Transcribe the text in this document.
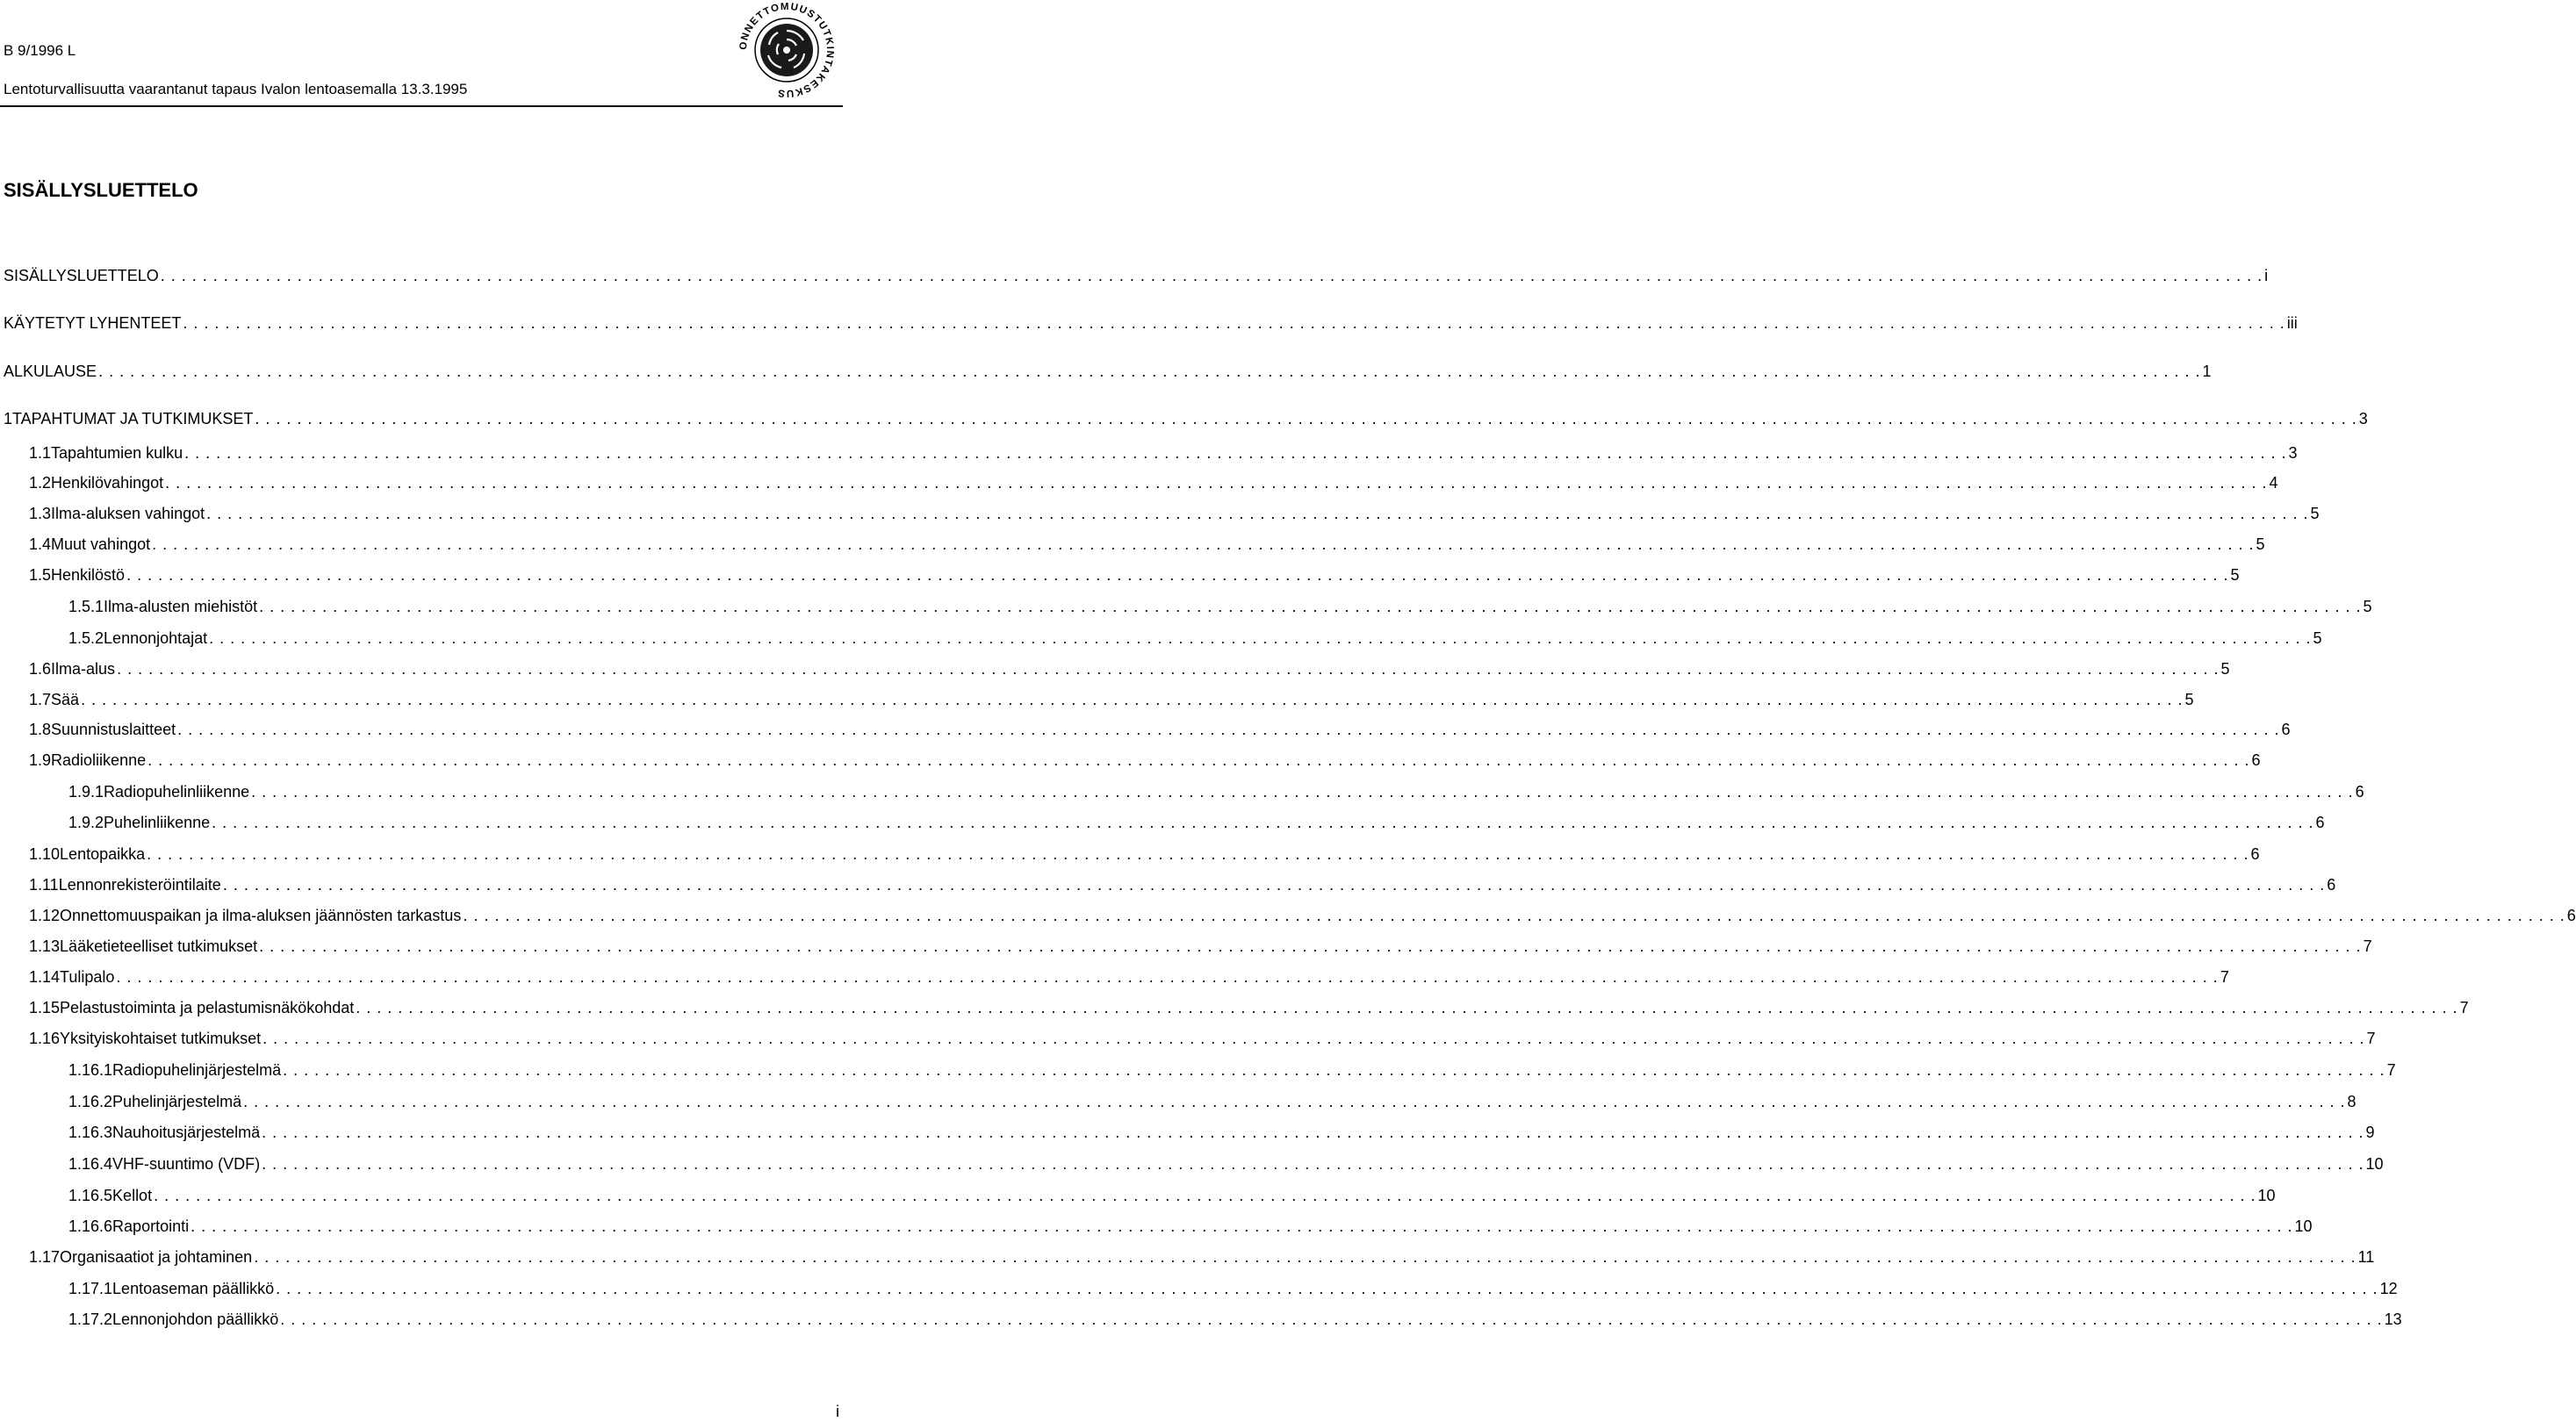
B 9/1996 L
Lentoturvallisuutta vaarantanut tapaus Ivalon lentoasemalla 13.3.1995
ONNETTOMUUSTUTKINTAKESKUS
SISÄLLYSLUETTELO
SISÄLLYSLUETTELO . . . . . . . . . . . . . . . . . . . . . . . . . . . . . . . . . . . . . . . . . . . . . . . . . . . . . . . . . . . . . . . . . . . . . . . . . . . . . . . . . . . . . . . . . . . . . . . . . . . . . . . . . . . . . . . . . . . . . . . . . . . . . . . . . . . . . . . . . . . . . . . . . . . . . . . . . . . . . . . . . . . . . . . . . . . . . . . . . . . . . . . . . . . . . . . . . . . . . . . . i
KÄYTETYT LYHENTEET . . . . . . . . . . . . . . . . . . . . . . . . . . . . . . . . . . . . . . . . . . . . . . . . . . . . . . . . . . . . . . . . . . . . . . . . . . . . . . . . . . . . . . . . . . . . . . . . . . . . . . . . . . . . . . . . . . . . . . . . . . . . . . . . . . . . . . . . . . . . . . . . . . . . . . . . . . . . . . . . . . . . . . . . . . . . . . . . . . . . . . . . . . . . . . . . . . . . . . . . iii
ALKULAUSE . . . . . . . . . . . . . . . . . . . . . . . . . . . . . . . . . . . . . . . . . . . . . . . . . . . . . . . . . . . . . . . . . . . . . . . . . . . . . . . . . . . . . . . . . . . . . . . . . . . . . . . . . . . . . . . . . . . . . . . . . . . . . . . . . . . . . . . . . . . . . . . . . . . . . . . . . . . . . . . . . . . . . . . . . . . . . . . . . . . . . . . . . . . . . . . . . . . . . . . . 1
1 TAPAHTUMAT JA TUTKIMUKSET . . . . . . . . . . . . . . . . . . . . . . . . . . . . . . . . . . . . . . . . . . . . . . . . . . . . . . . . . . . . . . . . . . . . . . . . . . . . . . . . . . . . . . . . . . . . . . . . . . . . . . . . . . . . . . . . . . . . . . . . . . . . . . . . . . . . . . . . . . . . . . . . . . . . . . . . . . . . . . . . . . . . . . . . . . . . . . . . . . . . . . . . . . . . . . . . . . . . . . . . 3
1.1 Tapahtumien kulku . . . . . . . . . . . . . . . . . . . . . . . . . . . . . . . . . . . . . . . . . . . . . . . . . . . . . . . . . . . . . . . . . . . . . . . . . . . . . . . . . . . . . . . . . . . . . . . . . . . . . . . . . . . . . . . . . . . . . . . . . . . . . . . . . . . . . . . . . . . . . . . . . . . . . . . . . . . . . . . . . . . . . . . . . . . . . . . . . . . . . . . . . . . . . . . . . . . . . . . . 3
1.2 Henkilövahingot . . . . . . . . . . . . . . . . . . . . . . . . . . . . . . . . . . . . . . . . . . . . . . . . . . . . . . . . . . . . . . . . . . . . . . . . . . . . . . . . . . . . . . . . . . . . . . . . . . . . . . . . . . . . . . . . . . . . . . . . . . . . . . . . . . . . . . . . . . . . . . . . . . . . . . . . . . . . . . . . . . . . . . . . . . . . . . . . . . . . . . . . . . . . . . . . . . . . . . . . 4
1.3 Ilma-aluksen vahingot . . . . . . . . . . . . . . . . . . . . . . . . . . . . . . . . . . . . . . . . . . . . . . . . . . . . . . . . . . . . . . . . . . . . . . . . . . . . . . . . . . . . . . . . . . . . . . . . . . . . . . . . . . . . . . . . . . . . . . . . . . . . . . . . . . . . . . . . . . . . . . . . . . . . . . . . . . . . . . . . . . . . . . . . . . . . . . . . . . . . . . . . . . . . . . . . . . . . . . . . 5
1.4 Muut vahingot . . . . . . . . . . . . . . . . . . . . . . . . . . . . . . . . . . . . . . . . . . . . . . . . . . . . . . . . . . . . . . . . . . . . . . . . . . . . . . . . . . . . . . . . . . . . . . . . . . . . . . . . . . . . . . . . . . . . . . . . . . . . . . . . . . . . . . . . . . . . . . . . . . . . . . . . . . . . . . . . . . . . . . . . . . . . . . . . . . . . . . . . . . . . . . . . . . . . . . . . 5
1.5 Henkilöstö . . . . . . . . . . . . . . . . . . . . . . . . . . . . . . . . . . . . . . . . . . . . . . . . . . . . . . . . . . . . . . . . . . . . . . . . . . . . . . . . . . . . . . . . . . . . . . . . . . . . . . . . . . . . . . . . . . . . . . . . . . . . . . . . . . . . . . . . . . . . . . . . . . . . . . . . . . . . . . . . . . . . . . . . . . . . . . . . . . . . . . . . . . . . . . . . . . . . . . . . 5
1.5.1 Ilma-alusten miehistöt . . . . . . . . . . . . . . . . . . . . . . . . . . . . . . . . . . . . . . . . . . . . . . . . . . . . . . . . . . . . . . . . . . . . . . . . . . . . . . . . . . . . . . . . . . . . . . . . . . . . . . . . . . . . . . . . . . . . . . . . . . . . . . . . . . . . . . . . . . . . . . . . . . . . . . . . . . . . . . . . . . . . . . . . . . . . . . . . . . . . . . . . . . . . . . . . . . . . . . . . 5
1.5.2 Lennonjohtajat . . . . . . . . . . . . . . . . . . . . . . . . . . . . . . . . . . . . . . . . . . . . . . . . . . . . . . . . . . . . . . . . . . . . . . . . . . . . . . . . . . . . . . . . . . . . . . . . . . . . . . . . . . . . . . . . . . . . . . . . . . . . . . . . . . . . . . . . . . . . . . . . . . . . . . . . . . . . . . . . . . . . . . . . . . . . . . . . . . . . . . . . . . . . . . . . . . . . . . . . 5
1.6 Ilma-alus . . . . . . . . . . . . . . . . . . . . . . . . . . . . . . . . . . . . . . . . . . . . . . . . . . . . . . . . . . . . . . . . . . . . . . . . . . . . . . . . . . . . . . . . . . . . . . . . . . . . . . . . . . . . . . . . . . . . . . . . . . . . . . . . . . . . . . . . . . . . . . . . . . . . . . . . . . . . . . . . . . . . . . . . . . . . . . . . . . . . . . . . . . . . . . . . . . . . . . . . 5
1.7 Sää . . . . . . . . . . . . . . . . . . . . . . . . . . . . . . . . . . . . . . . . . . . . . . . . . . . . . . . . . . . . . . . . . . . . . . . . . . . . . . . . . . . . . . . . . . . . . . . . . . . . . . . . . . . . . . . . . . . . . . . . . . . . . . . . . . . . . . . . . . . . . . . . . . . . . . . . . . . . . . . . . . . . . . . . . . . . . . . . . . . . . . . . . . . . . . . . . . . . . . . . 5
1.8 Suunnistuslaitteet . . . . . . . . . . . . . . . . . . . . . . . . . . . . . . . . . . . . . . . . . . . . . . . . . . . . . . . . . . . . . . . . . . . . . . . . . . . . . . . . . . . . . . . . . . . . . . . . . . . . . . . . . . . . . . . . . . . . . . . . . . . . . . . . . . . . . . . . . . . . . . . . . . . . . . . . . . . . . . . . . . . . . . . . . . . . . . . . . . . . . . . . . . . . . . . . . . . . . . . . 6
1.9 Radioliikenne . . . . . . . . . . . . . . . . . . . . . . . . . . . . . . . . . . . . . . . . . . . . . . . . . . . . . . . . . . . . . . . . . . . . . . . . . . . . . . . . . . . . . . . . . . . . . . . . . . . . . . . . . . . . . . . . . . . . . . . . . . . . . . . . . . . . . . . . . . . . . . . . . . . . . . . . . . . . . . . . . . . . . . . . . . . . . . . . . . . . . . . . . . . . . . . . . . . . . . . . 6
1.9.1 Radiopuhelinliikenne . . . . . . . . . . . . . . . . . . . . . . . . . . . . . . . . . . . . . . . . . . . . . . . . . . . . . . . . . . . . . . . . . . . . . . . . . . . . . . . . . . . . . . . . . . . . . . . . . . . . . . . . . . . . . . . . . . . . . . . . . . . . . . . . . . . . . . . . . . . . . . . . . . . . . . . . . . . . . . . . . . . . . . . . . . . . . . . . . . . . . . . . . . . . . . . . . . . . . . . . 6
1.9.2 Puhelinliikenne . . . . . . . . . . . . . . . . . . . . . . . . . . . . . . . . . . . . . . . . . . . . . . . . . . . . . . . . . . . . . . . . . . . . . . . . . . . . . . . . . . . . . . . . . . . . . . . . . . . . . . . . . . . . . . . . . . . . . . . . . . . . . . . . . . . . . . . . . . . . . . . . . . . . . . . . . . . . . . . . . . . . . . . . . . . . . . . . . . . . . . . . . . . . . . . . . . . . . . . . 6
1.10 Lentopaikka . . . . . . . . . . . . . . . . . . . . . . . . . . . . . . . . . . . . . . . . . . . . . . . . . . . . . . . . . . . . . . . . . . . . . . . . . . . . . . . . . . . . . . . . . . . . . . . . . . . . . . . . . . . . . . . . . . . . . . . . . . . . . . . . . . . . . . . . . . . . . . . . . . . . . . . . . . . . . . . . . . . . . . . . . . . . . . . . . . . . . . . . . . . . . . . . . . . . . . . . 6
1.11 Lennonrekisteröintilaite . . . . . . . . . . . . . . . . . . . . . . . . . . . . . . . . . . . . . . . . . . . . . . . . . . . . . . . . . . . . . . . . . . . . . . . . . . . . . . . . . . . . . . . . . . . . . . . . . . . . . . . . . . . . . . . . . . . . . . . . . . . . . . . . . . . . . . . . . . . . . . . . . . . . . . . . . . . . . . . . . . . . . . . . . . . . . . . . . . . . . . . . . . . . . . . . . . . . . . . . 6
1.12 Onnettomuuspaikan ja ilma-aluksen jäännösten tarkastus . . . . . . . . . . . . . . . . . . . . . . . . . . . . . . . . . . . . . . . . . . . . . . . . . . . . . . . . . . . . . . . . . . . . . . . . . . . . . . . . . . . . . . . . . . . . . . . . . . . . . . . . . . . . . . . . . . . . . . . . . . . . . . . . . . . . . . . . . . . . . . . . . . . . . . . . . . . . . . . . . . . . . . . . . . . . . . . . . . . . . . . . . . . . . . . . . . . . . . . . 6
1.13 Lääketieteelliset tutkimukset . . . . . . . . . . . . . . . . . . . . . . . . . . . . . . . . . . . . . . . . . . . . . . . . . . . . . . . . . . . . . . . . . . . . . . . . . . . . . . . . . . . . . . . . . . . . . . . . . . . . . . . . . . . . . . . . . . . . . . . . . . . . . . . . . . . . . . . . . . . . . . . . . . . . . . . . . . . . . . . . . . . . . . . . . . . . . . . . . . . . . . . . . . . . . . . . . . . . . . . . 7
1.14 Tulipalo . . . . . . . . . . . . . . . . . . . . . . . . . . . . . . . . . . . . . . . . . . . . . . . . . . . . . . . . . . . . . . . . . . . . . . . . . . . . . . . . . . . . . . . . . . . . . . . . . . . . . . . . . . . . . . . . . . . . . . . . . . . . . . . . . . . . . . . . . . . . . . . . . . . . . . . . . . . . . . . . . . . . . . . . . . . . . . . . . . . . . . . . . . . . . . . . . . . . . . . . 7
1.15 Pelastustoiminta ja pelastumisnäkökohdat . . . . . . . . . . . . . . . . . . . . . . . . . . . . . . . . . . . . . . . . . . . . . . . . . . . . . . . . . . . . . . . . . . . . . . . . . . . . . . . . . . . . . . . . . . . . . . . . . . . . . . . . . . . . . . . . . . . . . . . . . . . . . . . . . . . . . . . . . . . . . . . . . . . . . . . . . . . . . . . . . . . . . . . . . . . . . . . . . . . . . . . . . . . . . . . . . . . . . . . . 7
1.16 Yksityiskohtaiset tutkimukset . . . . . . . . . . . . . . . . . . . . . . . . . . . . . . . . . . . . . . . . . . . . . . . . . . . . . . . . . . . . . . . . . . . . . . . . . . . . . . . . . . . . . . . . . . . . . . . . . . . . . . . . . . . . . . . . . . . . . . . . . . . . . . . . . . . . . . . . . . . . . . . . . . . . . . . . . . . . . . . . . . . . . . . . . . . . . . . . . . . . . . . . . . . . . . . . . . . . . . . . 7
1.16.1 Radiopuhelinjärjestelmä . . . . . . . . . . . . . . . . . . . . . . . . . . . . . . . . . . . . . . . . . . . . . . . . . . . . . . . . . . . . . . . . . . . . . . . . . . . . . . . . . . . . . . . . . . . . . . . . . . . . . . . . . . . . . . . . . . . . . . . . . . . . . . . . . . . . . . . . . . . . . . . . . . . . . . . . . . . . . . . . . . . . . . . . . . . . . . . . . . . . . . . . . . . . . . . . . . . . . . . . 7
1.16.2 Puhelinjärjestelmä . . . . . . . . . . . . . . . . . . . . . . . . . . . . . . . . . . . . . . . . . . . . . . . . . . . . . . . . . . . . . . . . . . . . . . . . . . . . . . . . . . . . . . . . . . . . . . . . . . . . . . . . . . . . . . . . . . . . . . . . . . . . . . . . . . . . . . . . . . . . . . . . . . . . . . . . . . . . . . . . . . . . . . . . . . . . . . . . . . . . . . . . . . . . . . . . . . . . . . . . 8
1.16.3 Nauhoitusjärjestelmä . . . . . . . . . . . . . . . . . . . . . . . . . . . . . . . . . . . . . . . . . . . . . . . . . . . . . . . . . . . . . . . . . . . . . . . . . . . . . . . . . . . . . . . . . . . . . . . . . . . . . . . . . . . . . . . . . . . . . . . . . . . . . . . . . . . . . . . . . . . . . . . . . . . . . . . . . . . . . . . . . . . . . . . . . . . . . . . . . . . . . . . . . . . . . . . . . . . . . . . . 9
1.16.4 VHF-suuntimo (VDF) . . . . . . . . . . . . . . . . . . . . . . . . . . . . . . . . . . . . . . . . . . . . . . . . . . . . . . . . . . . . . . . . . . . . . . . . . . . . . . . . . . . . . . . . . . . . . . . . . . . . . . . . . . . . . . . . . . . . . . . . . . . . . . . . . . . . . . . . . . . . . . . . . . . . . . . . . . . . . . . . . . . . . . . . . . . . . . . . . . . . . . . . . . . . . . . . . . . . . . . . 10
1.16.5 Kellot . . . . . . . . . . . . . . . . . . . . . . . . . . . . . . . . . . . . . . . . . . . . . . . . . . . . . . . . . . . . . . . . . . . . . . . . . . . . . . . . . . . . . . . . . . . . . . . . . . . . . . . . . . . . . . . . . . . . . . . . . . . . . . . . . . . . . . . . . . . . . . . . . . . . . . . . . . . . . . . . . . . . . . . . . . . . . . . . . . . . . . . . . . . . . . . . . . . . . . . . 10
1.16.6 Raportointi . . . . . . . . . . . . . . . . . . . . . . . . . . . . . . . . . . . . . . . . . . . . . . . . . . . . . . . . . . . . . . . . . . . . . . . . . . . . . . . . . . . . . . . . . . . . . . . . . . . . . . . . . . . . . . . . . . . . . . . . . . . . . . . . . . . . . . . . . . . . . . . . . . . . . . . . . . . . . . . . . . . . . . . . . . . . . . . . . . . . . . . . . . . . . . . . . . . . . . . . 10
1.17 Organisaatiot ja johtaminen . . . . . . . . . . . . . . . . . . . . . . . . . . . . . . . . . . . . . . . . . . . . . . . . . . . . . . . . . . . . . . . . . . . . . . . . . . . . . . . . . . . . . . . . . . . . . . . . . . . . . . . . . . . . . . . . . . . . . . . . . . . . . . . . . . . . . . . . . . . . . . . . . . . . . . . . . . . . . . . . . . . . . . . . . . . . . . . . . . . . . . . . . . . . . . . . . . . . . . . . 11
1.17.1 Lentoaseman päällikkö . . . . . . . . . . . . . . . . . . . . . . . . . . . . . . . . . . . . . . . . . . . . . . . . . . . . . . . . . . . . . . . . . . . . . . . . . . . . . . . . . . . . . . . . . . . . . . . . . . . . . . . . . . . . . . . . . . . . . . . . . . . . . . . . . . . . . . . . . . . . . . . . . . . . . . . . . . . . . . . . . . . . . . . . . . . . . . . . . . . . . . . . . . . . . . . . . . . . . . . . 12
1.17.2 Lennonjohdon päällikkö . . . . . . . . . . . . . . . . . . . . . . . . . . . . . . . . . . . . . . . . . . . . . . . . . . . . . . . . . . . . . . . . . . . . . . . . . . . . . . . . . . . . . . . . . . . . . . . . . . . . . . . . . . . . . . . . . . . . . . . . . . . . . . . . . . . . . . . . . . . . . . . . . . . . . . . . . . . . . . . . . . . . . . . . . . . . . . . . . . . . . . . . . . . . . . . . . . . . . . . . 13
i
